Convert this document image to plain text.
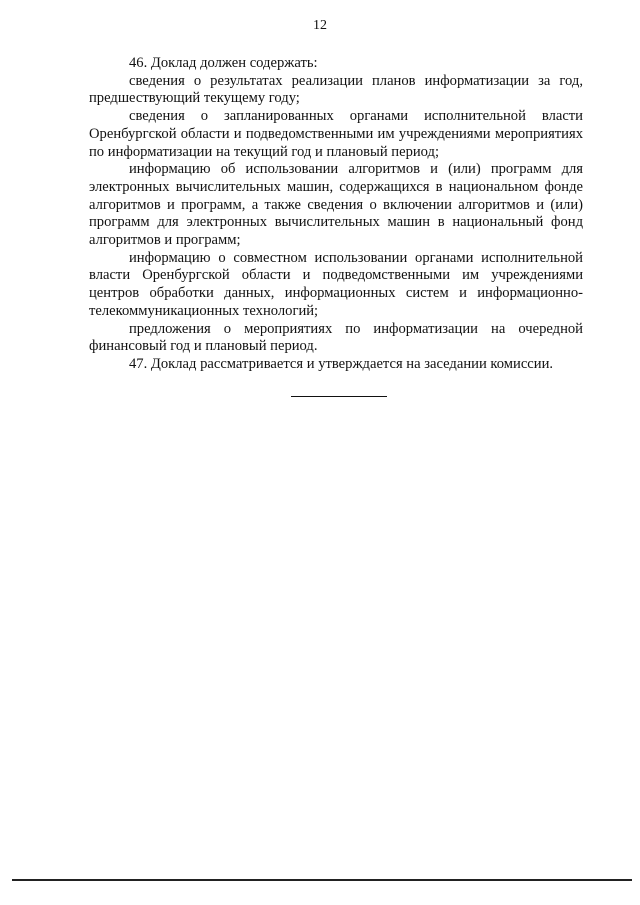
12

46. Доклад должен содержать:

сведения о результатах реализации планов информатизации за год, предшествующий текущему году;

сведения о запланированных органами исполнительной власти Оренбургской области и подведомственными им учреждениями мероприятиях по информатизации на текущий год и плановый период;

информацию об использовании алгоритмов и (или) программ для электронных вычислительных машин, содержащихся в национальном фонде алгоритмов и программ, а также сведения о включении алгоритмов и (или) программ для электронных вычислительных машин в национальный фонд алгоритмов и программ;

информацию о совместном использовании органами исполнительной власти Оренбургской области и подведомственными им учреждениями центров обработки данных, информационных систем и информационно-телекоммуникационных технологий;

предложения о мероприятиях по информатизации на очередной финансовый год и плановый период.

47. Доклад рассматривается и утверждается на заседании комиссии.
